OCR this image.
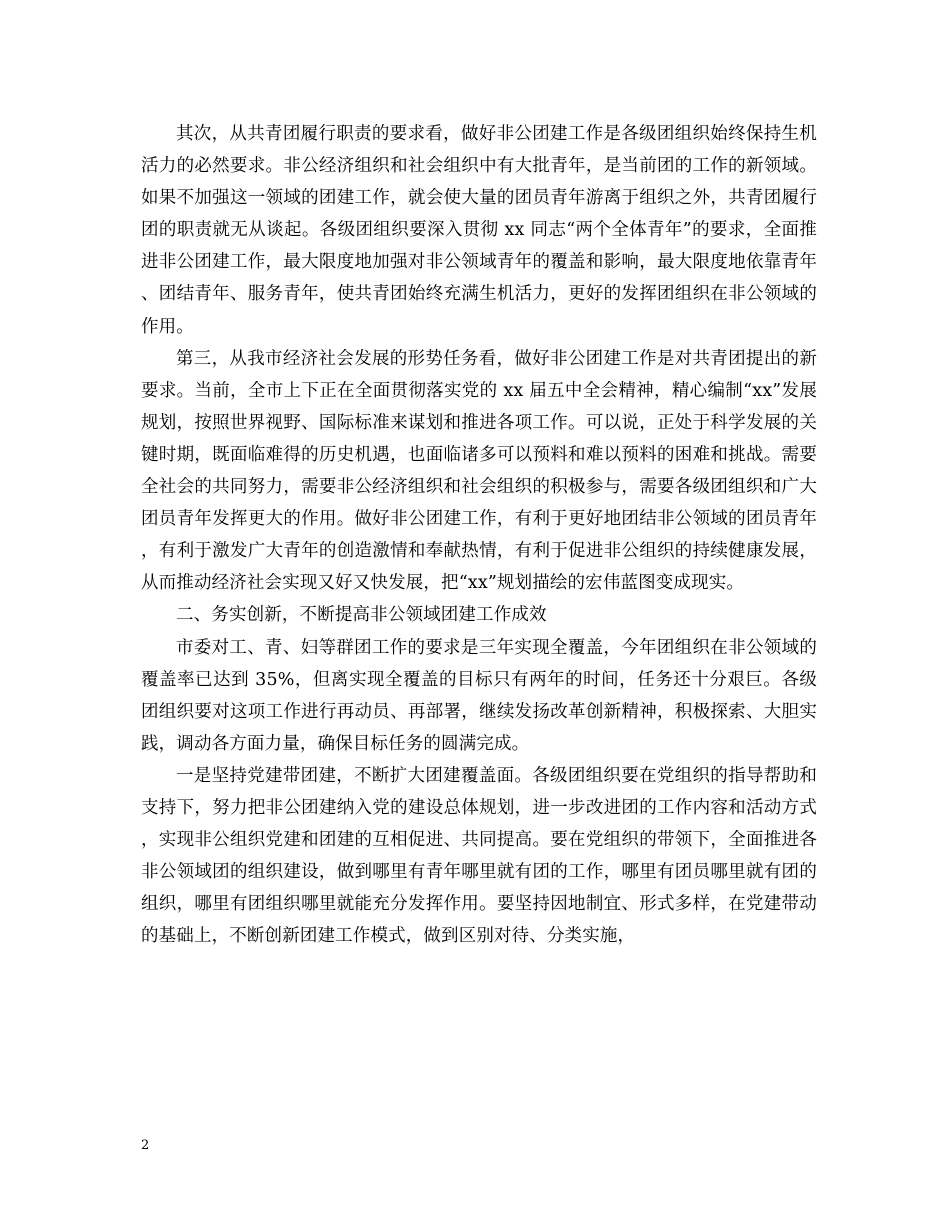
其次，从共青团履行职责的要求看，做好非公团建工作是各级团组织始终保持生机活力的必然要求。非公经济组织和社会组织中有大批青年，是当前团的工作的新领域。如果不加强这一领域的团建工作，就会使大量的团员青年游离于组织之外，共青团履行团的职责就无从谈起。各级团组织要深入贯彻 xx 同志“两个全体青年”的要求，全面推进非公团建工作，最大限度地加强对非公领域青年的覆盖和影响，最大限度地依靠青年、团结青年、服务青年，使共青团始终充满生机活力，更好的发挥团组织在非公领域的作用。

第三，从我市经济社会发展的形势任务看，做好非公团建工作是对共青团提出的新要求。当前，全市上下正在全面贯彻落实党的 xx 届五中全会精神，精心编制“xx”发展规划，按照世界视野、国际标准来谋划和推进各项工作。可以说，正处于科学发展的关键时期，既面临难得的历史机遇，也面临诸多可以预料和难以预料的困难和挑战。需要全社会的共同努力，需要非公经济组织和社会组织的积极参与，需要各级团组织和广大团员青年发挥更大的作用。做好非公团建工作，有利于更好地团结非公领域的团员青年，有利于激发广大青年的创造激情和奉献热情，有利于促进非公组织的持续健康发展，从而推动经济社会实现又好又快发展，把“xx”规划描绘的宏伟蓝图变成现实。

二、务实创新，不断提高非公领域团建工作成效

市委对工、青、妇等群团工作的要求是三年实现全覆盖，今年团组织在非公领域的覆盖率已达到 35%，但离实现全覆盖的目标只有两年的时间，任务还十分艰巨。各级团组织要对这项工作进行再动员、再部署，继续发扬改革创新精神，积极探索、大胆实践，调动各方面力量，确保目标任务的圆满完成。

一是坚持党建带团建，不断扩大团建覆盖面。各级团组织要在党组织的指导帮助和支持下，努力把非公团建纳入党的建设总体规划，进一步改进团的工作内容和活动方式，实现非公组织党建和团建的互相促进、共同提高。要在党组织的带领下，全面推进各非公领域团的组织建设，做到哪里有青年哪里就有团的工作，哪里有团员哪里就有团的组织，哪里有团组织哪里就能充分发挥作用。要坚持因地制宜、形式多样，在党建带动的基础上，不断创新团建工作模式，做到区别对待、分类实施，

2
